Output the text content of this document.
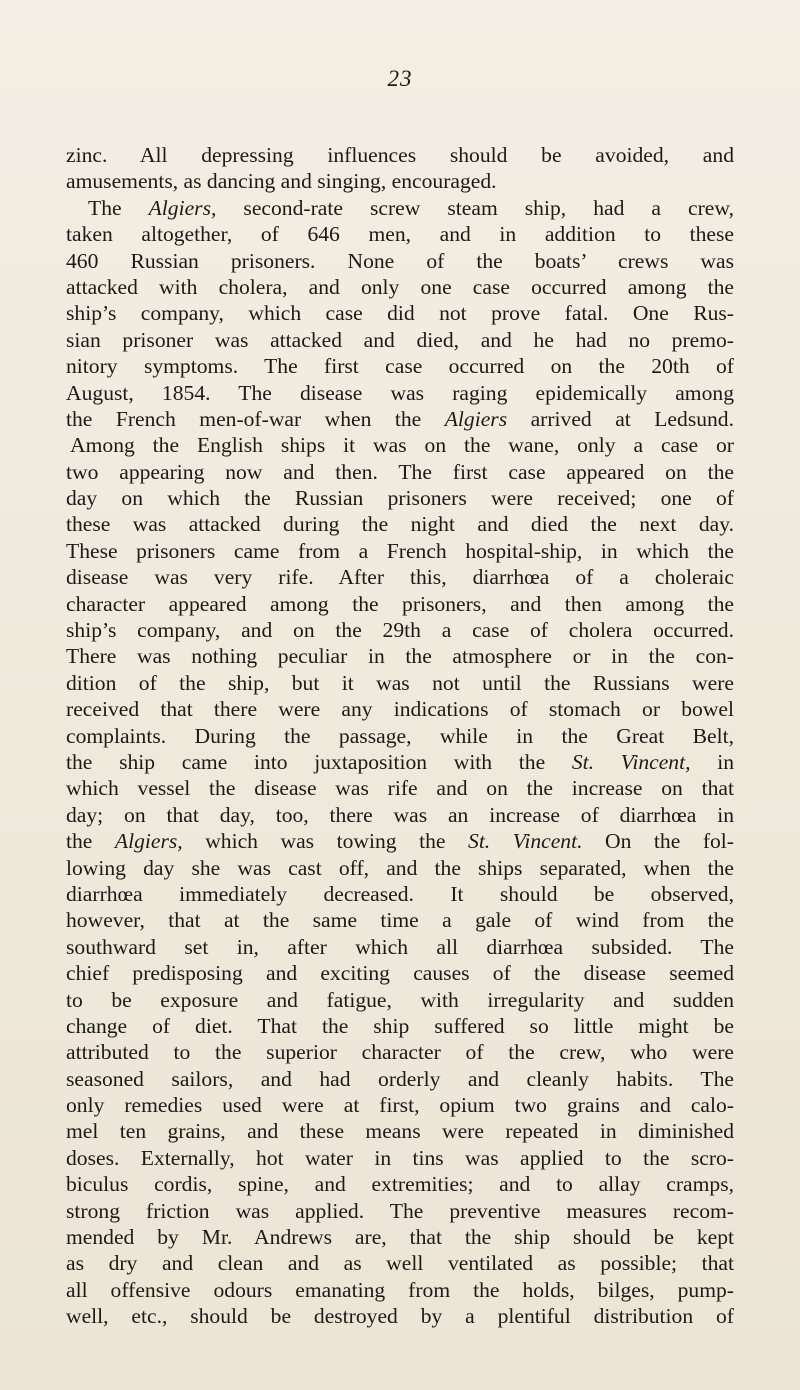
23
zinc. All depressing influences should be avoided, and
amusements, as dancing and singing, encouraged.
The Algiers, second-rate screw steam ship, had a crew,
taken altogether, of 646 men, and in addition to these
460 Russian prisoners. None of the boats’ crews was
attacked with cholera, and only one case occurred among the
ship’s company, which case did not prove fatal. One Rus-
sian prisoner was attacked and died, and he had no premo-
nitory symptoms. The first case occurred on the 20th of
August, 1854. The disease was raging epidemically among
the French men-of-war when the Algiers arrived at Ledsund.
Among the English ships it was on the wane, only a case or
two appearing now and then. The first case appeared on the
day on which the Russian prisoners were received; one of
these was attacked during the night and died the next day.
These prisoners came from a French hospital-ship, in which the
disease was very rife. After this, diarrhœa of a choleraic
character appeared among the prisoners, and then among the
ship’s company, and on the 29th a case of cholera occurred.
There was nothing peculiar in the atmosphere or in the con-
dition of the ship, but it was not until the Russians were
received that there were any indications of stomach or bowel
complaints. During the passage, while in the Great Belt,
the ship came into juxtaposition with the St. Vincent, in
which vessel the disease was rife and on the increase on that
day; on that day, too, there was an increase of diarrhœa in
the Algiers, which was towing the St. Vincent. On the fol-
lowing day she was cast off, and the ships separated, when the
diarrhœa immediately decreased. It should be observed,
however, that at the same time a gale of wind from the
southward set in, after which all diarrhœa subsided. The
chief predisposing and exciting causes of the disease seemed
to be exposure and fatigue, with irregularity and sudden
change of diet. That the ship suffered so little might be
attributed to the superior character of the crew, who were
seasoned sailors, and had orderly and cleanly habits. The
only remedies used were at first, opium two grains and calo-
mel ten grains, and these means were repeated in diminished
doses. Externally, hot water in tins was applied to the scro-
biculus cordis, spine, and extremities; and to allay cramps,
strong friction was applied. The preventive measures recom-
mended by Mr. Andrews are, that the ship should be kept
as dry and clean and as well ventilated as possible; that
all offensive odours emanating from the holds, bilges, pump-
well, etc., should be destroyed by a plentiful distribution of
